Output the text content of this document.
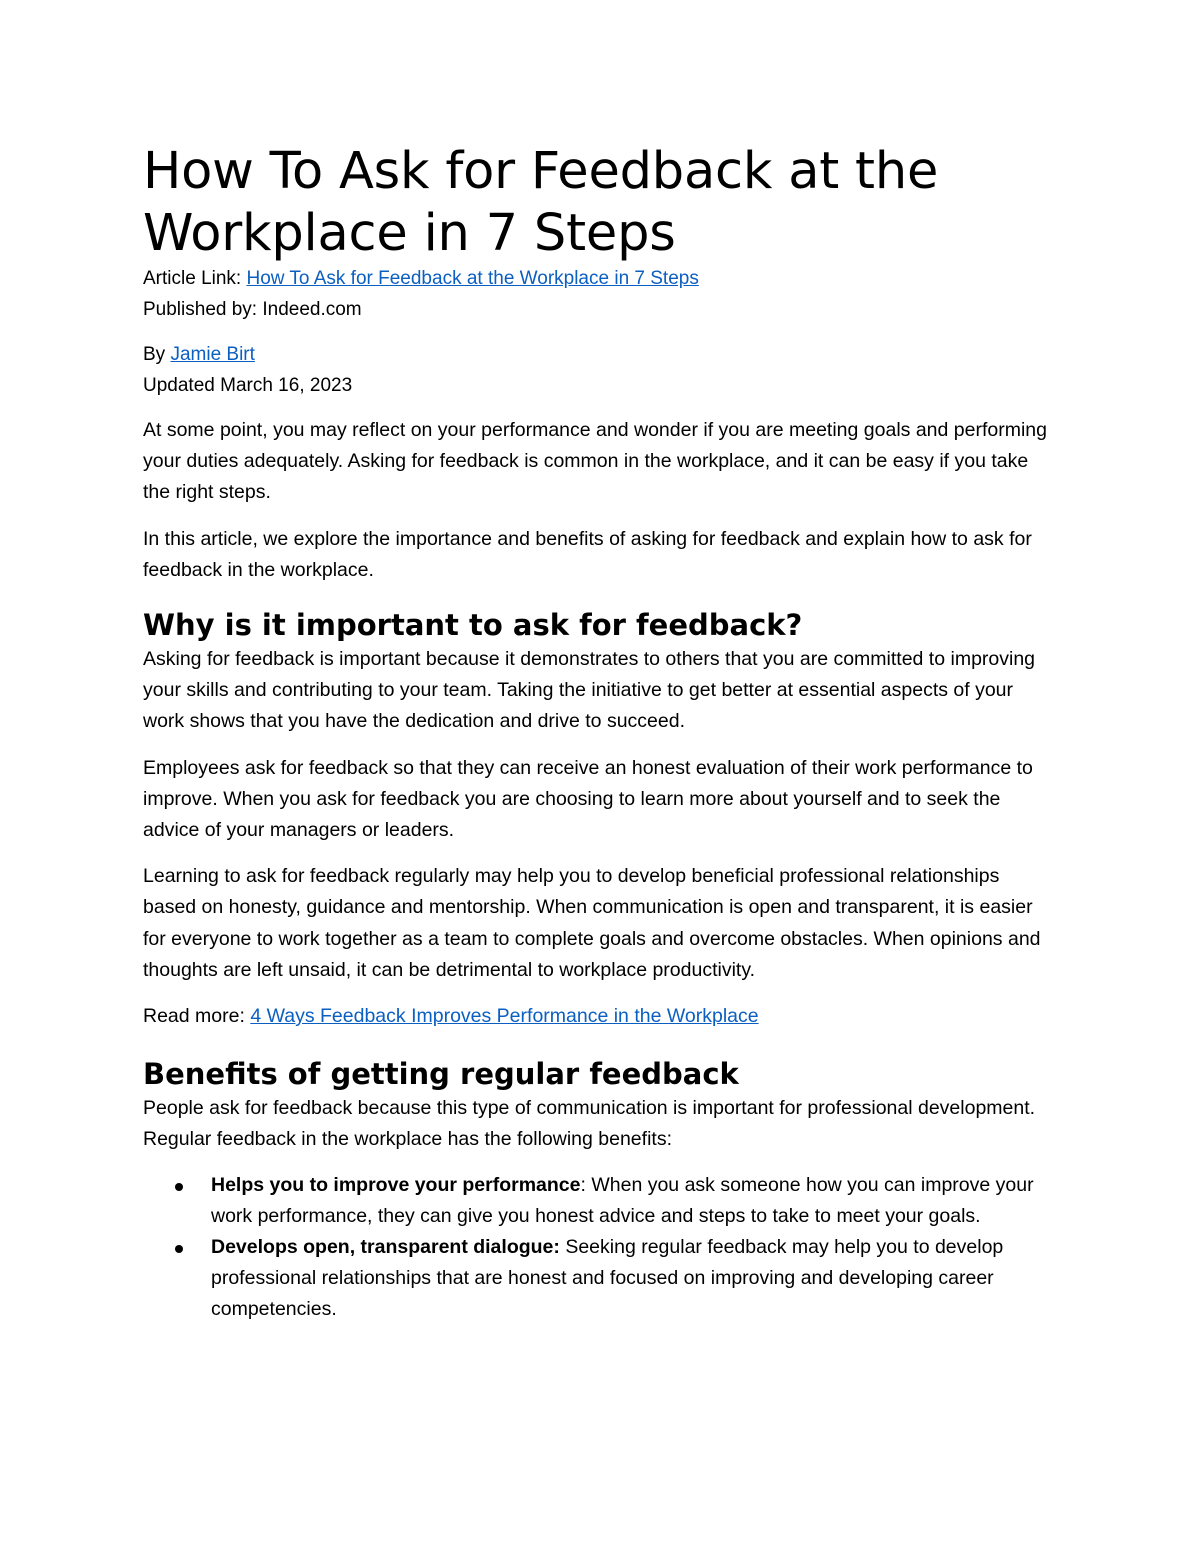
How To Ask for Feedback at the Workplace in 7 Steps
Article Link: How To Ask for Feedback at the Workplace in 7 Steps
Published by: Indeed.com
By Jamie Birt
Updated March 16, 2023

At some point, you may reflect on your performance and wonder if you are meeting goals and performing your duties adequately. Asking for feedback is common in the workplace, and it can be easy if you take the right steps.

In this article, we explore the importance and benefits of asking for feedback and explain how to ask for feedback in the workplace.

Why is it important to ask for feedback?

Asking for feedback is important because it demonstrates to others that you are committed to improving your skills and contributing to your team. Taking the initiative to get better at essential aspects of your work shows that you have the dedication and drive to succeed.

Employees ask for feedback so that they can receive an honest evaluation of their work performance to improve. When you ask for feedback you are choosing to learn more about yourself and to seek the advice of your managers or leaders.

Learning to ask for feedback regularly may help you to develop beneficial professional relationships based on honesty, guidance and mentorship. When communication is open and transparent, it is easier for everyone to work together as a team to complete goals and overcome obstacles. When opinions and thoughts are left unsaid, it can be detrimental to workplace productivity.

Read more: 4 Ways Feedback Improves Performance in the Workplace

Benefits of getting regular feedback

People ask for feedback because this type of communication is important for professional development. Regular feedback in the workplace has the following benefits:

Helps you to improve your performance: When you ask someone how you can improve your work performance, they can give you honest advice and steps to take to meet your goals.
Develops open, transparent dialogue: Seeking regular feedback may help you to develop professional relationships that are honest and focused on improving and developing career competencies.
